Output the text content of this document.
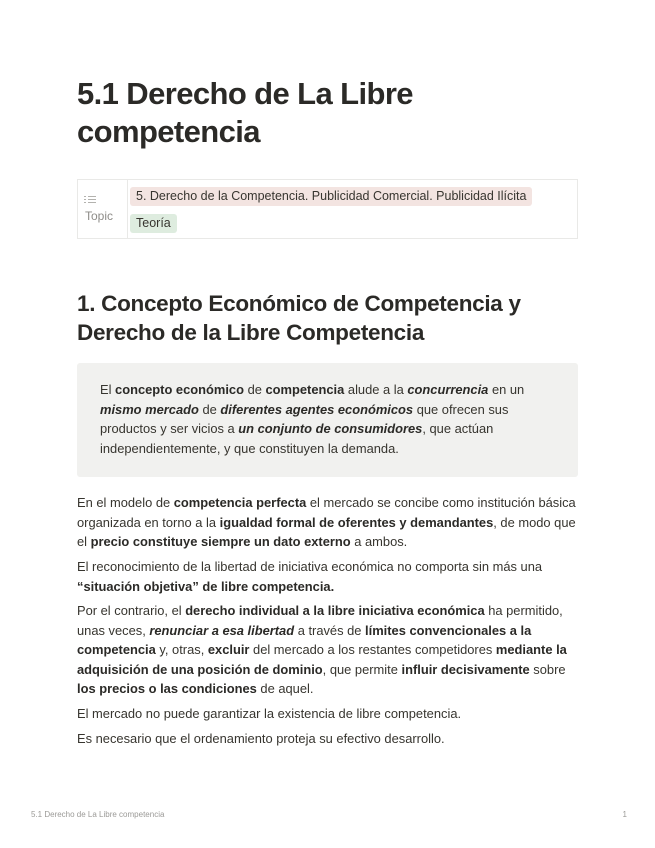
5.1 Derecho de La Libre competencia
Topic
5. Derecho de la Competencia. Publicidad Comercial. Publicidad Ilícita
Teoría
1. Concepto Económico de Competencia y Derecho de la Libre Competencia

El concepto económico de competencia alude a la concurrencia en un mismo mercado de diferentes agentes económicos que ofrecen sus productos y ser vicios a un conjunto de consumidores, que actúan independientemente, y que constituyen la demanda.

En el modelo de competencia perfecta el mercado se concibe como institución básica organizada en torno a la igualdad formal de oferentes y demandantes, de modo que el precio constituye siempre un dato externo a ambos.

El reconocimiento de la libertad de iniciativa económica no comporta sin más una “situación objetiva” de libre competencia.

Por el contrario, el derecho individual a la libre iniciativa económica ha permitido, unas veces, renunciar a esa libertad a través de límites convencionales a la competencia y, otras, excluir del mercado a los restantes competidores mediante la adquisición de una posición de dominio, que permite influir decisivamente sobre los precios o las condiciones de aquel.

El mercado no puede garantizar la existencia de libre competencia.

Es necesario que el ordenamiento proteja su efectivo desarrollo.

5.1 Derecho de La Libre competencia	1
